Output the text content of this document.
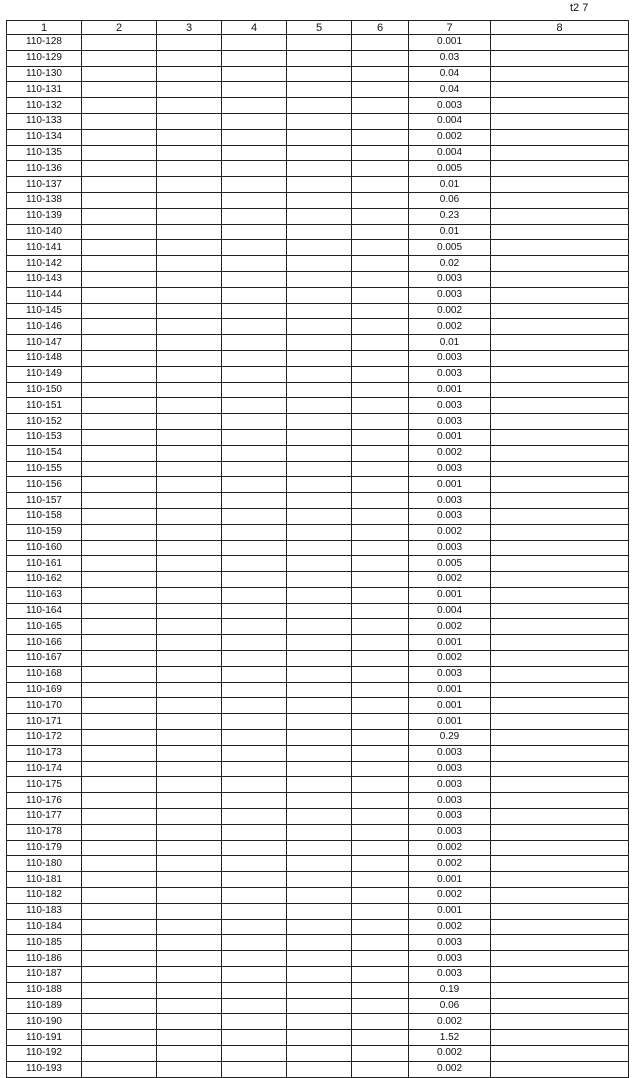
t2 7
1	2	3	4	5	6	7	8
110-128						0.001	
110-129						0.03	
110-130						0.04	
110-131						0.04	
110-132						0.003	
110-133						0.004	
110-134						0.002	
110-135						0.004	
110-136						0.005	
110-137						0.01	
110-138						0.06	
110-139						0.23	
110-140						0.01	
110-141						0.005	
110-142						0.02	
110-143						0.003	
110-144						0.003	
110-145						0.002	
110-146						0.002	
110-147						0.01	
110-148						0.003	
110-149						0.003	
110-150						0.001	
110-151						0.003	
110-152						0.003	
110-153						0.001	
110-154						0.002	
110-155						0.003	
110-156						0.001	
110-157						0.003	
110-158						0.003	
110-159						0.002	
110-160						0.003	
110-161						0.005	
110-162						0.002	
110-163						0.001	
110-164						0.004	
110-165						0.002	
110-166						0.001	
110-167						0.002	
110-168						0.003	
110-169						0.001	
110-170						0.001	
110-171						0.001	
110-172						0.29	
110-173						0.003	
110-174						0.003	
110-175						0.003	
110-176						0.003	
110-177						0.003	
110-178						0.003	
110-179						0.002	
110-180						0.002	
110-181						0.001	
110-182						0.002	
110-183						0.001	
110-184						0.002	
110-185						0.003	
110-186						0.003	
110-187						0.003	
110-188						0.19	
110-189						0.06	
110-190						0.002	
110-191						1.52	
110-192						0.002	
110-193						0.002	
